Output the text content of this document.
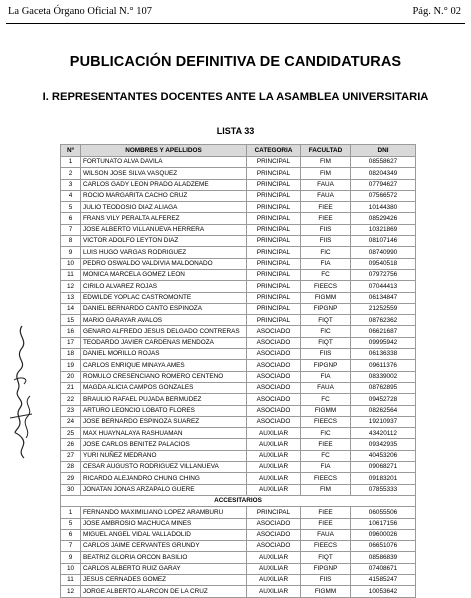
La Gaceta Órgano Oficial N.° 107	Pág. N.° 02
PUBLICACIÓN DEFINITIVA DE CANDIDATURAS
I. REPRESENTANTES DOCENTES ANTE LA ASAMBLEA UNIVERSITARIA
LISTA 33
Nº	NOMBRES Y APELLIDOS	CATEGORIA	FACULTAD	DNI
1	FORTUNATO ALVA DAVILA	PRINCIPAL	FIM	08558627
2	WILSON JOSE SILVA VASQUEZ	PRINCIPAL	FIM	08204349
3	CARLOS GADY LEON PRADO ALADZEME	PRINCIPAL	FAUA	07794627
4	ROCIO MARGARITA CACHO CRUZ	PRINCIPAL	FAUA	07566572
5	JULIO TEODOSIO DIAZ ALIAGA	PRINCIPAL	FIEE	10144380
6	FRANS VILY PERALTA ALFEREZ	PRINCIPAL	FIEE	08529426
7	JOSE ALBERTO VILLANUEVA HERRERA	PRINCIPAL	FIIS	10321869
8	VICTOR ADOLFO LEYTON DIAZ	PRINCIPAL	FIIS	08107146
9	LUIS HUGO VARGAS RODRIGUEZ	PRINCIPAL	FIC	08740990
10	PEDRO OSWALDO VALDIVIA MALDONADO	PRINCIPAL	FIA	09540518
11	MONICA MARCELA GOMEZ LEON	PRINCIPAL	FC	07972756
12	CIRILO ALVAREZ ROJAS	PRINCIPAL	FIEECS	07044413
13	EDWILDE YOPLAC CASTROMONTE	PRINCIPAL	FIGMM	06134847
14	DANIEL BERNARDO CANTO ESPINOZA	PRINCIPAL	FIPGNP	21252559
15	MARIO GARAYAR AVALOS	PRINCIPAL	FIQT	08762362
16	GENARO ALFREDO JESUS DELGADO CONTRERAS	ASOCIADO	FIC	06621687
17	TEODARDO JAVIER CARDENAS MENDOZA	ASOCIADO	FIQT	09995942
18	DANIEL MORILLO ROJAS	ASOCIADO	FIIS	06136338
19	CARLOS ENRIQUE MINAYA AMES	ASOCIADO	FIPGNP	09611376
20	ROMULO CRESENCIANO ROMERO CENTENO	ASOCIADO	FIA	08339002
21	MAGDA ALICIA CAMPOS GONZALES	ASOCIADO	FAUA	08762895
22	BRAULIO RAFAEL PUJADA BERMUDEZ	ASOCIADO	FC	09452728
23	ARTURO LEONCIO LOBATO FLORES	ASOCIADO	FIGMM	08262564
24	JOSE BERNARDO ESPINOZA SUAREZ	ASOCIADO	FIEECS	19210937
25	MAX HUAYNALAYA RASHUAMAN	AUXILIAR	FIC	43420112
26	JOSE CARLOS BENITEZ PALACIOS	AUXILIAR	FIEE	09342935
27	YURI NUÑEZ MEDRANO	AUXILIAR	FC	40453206
28	CESAR AUGUSTO RODRIGUEZ VILLANUEVA	AUXILIAR	FIA	09068271
29	RICARDO ALEJANDRO CHUNG CHING	AUXILIAR	FIEECS	09183201
30	JONATAN JONAS ARZAPALO GUERE	AUXILIAR	FIM	07855333
ACCESITARIOS				
1	FERNANDO MAXIMILIANO LOPEZ ARAMBURU	PRINCIPAL	FIEE	06055506
5	JOSE AMBROSIO MACHUCA MINES	ASOCIADO	FIEE	10617156
6	MIGUEL ANGEL VIDAL VALLADOLID	ASOCIADO	FAUA	09600026
7	CARLOS JAIME CERVANTES GRUNDY	ASOCIADO	FIEECS	06651076
9	BEATRIZ GLORIA ORCON BASILIO	AUXILIAR	FIQT	08586839
10	CARLOS ALBERTO RUIZ GARAY	AUXILIAR	FIPGNP	07408671
11	JESUS CERNADES GOMEZ	AUXILIAR	FIIS	41585247
12	JORGE ALBERTO ALARCON DE LA CRUZ	AUXILIAR	FIGMM	10053642
